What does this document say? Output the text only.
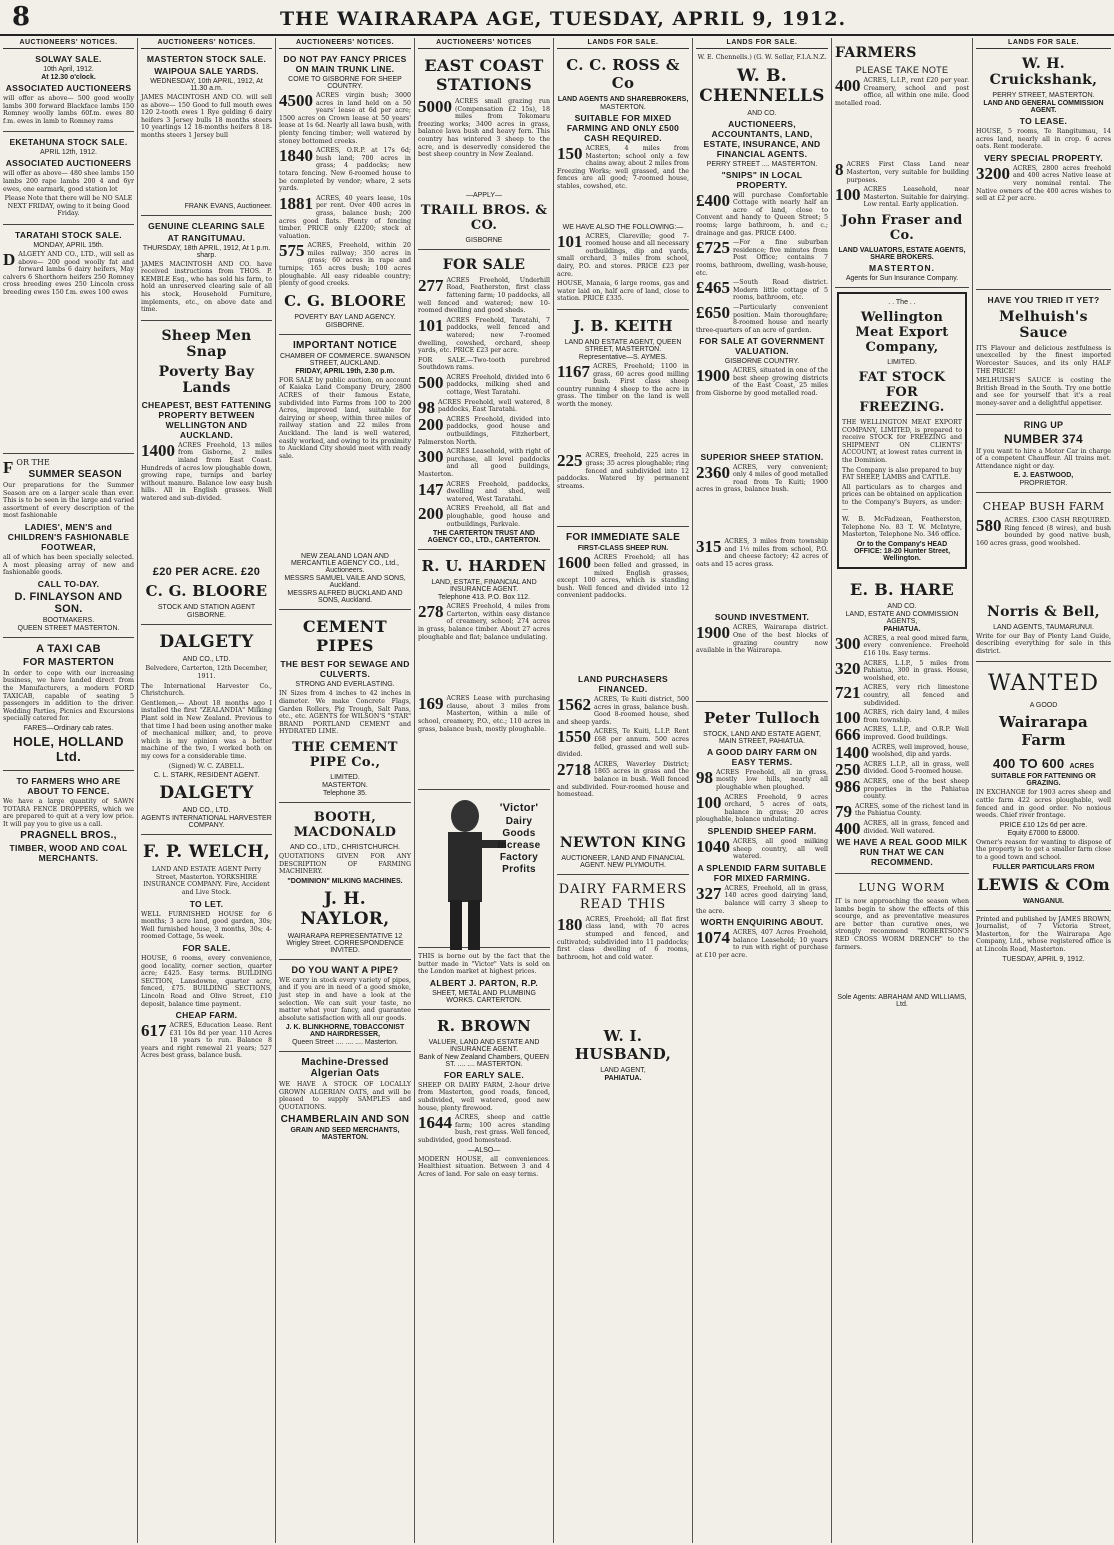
8	THE WAIRARAPA AGE, TUESDAY, APRIL 9, 1912.
AUCTIONEERS' NOTICES.
SOLWAY SALE.
10th April, 1912.
At 12.30 o'clock.
ASSOCIATED AUCTIONEERS
will offer as above— 500 good woolly lambs 300 forward Blackface lambs 150 Romney woolly lambs 60f.m. ewes 80 f.m. ewes in lamb to Romney rams
EKETAHUNA STOCK SALE.
APRIL 12th, 1912.
ASSOCIATED AUCTIONEERS
will offer as above— 480 shee lambs 150 lambs 200 rape lambs 200 4 and 6yr ewes, one earmark, good station lot
Please Note that there will be NO SALE NEXT FRIDAY, owing to it being Good Friday.
TARATAHI STOCK SALE.
MONDAY, APRIL 15th.
DALGETY AND CO., LTD., will sell as above— 200 good woolly fat and forward lambs 6 dairy heifers, May calvers 6 Shorthorn heifers 250 Romney cross breeding ewes 250 Lincoln cross breeding ewes 150 f.m. ewes 100 ewes
FOR THE
SUMMER SEASON
Our preparations for the Summer Season are on a larger scale than ever. This is to be seen in the large and varied assortment of every description of the most fashionable
LADIES', MEN'S and CHILDREN'S FASHIONABLE FOOTWEAR,
all of which has been specially selected. A most pleasing array of new and fashionable goods.
CALL TO-DAY.
D. FINLAYSON AND SON.
BOOTMAKERS.
QUEEN STREET MASTERTON.
A TAXI CAB
FOR MASTERTON
In order to cope with our increasing business, we have landed direct from the Manufacturers, a modern FORD TAXICAB, capable of seating 5 passengers in addition to the driver. Wedding Parties, Picnics and Excursions specially catered for.
FARES—Ordinary cab rates.
HOLE, HOLLAND Ltd.
TO FARMERS WHO ARE ABOUT TO FENCE.
We have a large quantity of SAWN TOTARA FENCE DROPPERS, which we are prepared to quit at a very low price. It will pay you to give us a call.
PRAGNELL BROS.,
TIMBER, WOOD AND COAL MERCHANTS.
AUCTIONEERS' NOTICES.
MASTERTON STOCK SALE.
WAIPOUA SALE YARDS.
WEDNESDAY, 10th APRIL, 1912, At 11.30 a.m.
JAMES MACINTOSH AND CO. will sell as above— 150 Good to full mouth ewes 120 2-tooth ewes 1 Rye gelding 6 dairy heifers 3 Jersey bulls 18 months steers 10 yearlings 12 18-months heifers 8 18-months steers 1 Jersey bull
FRANK EVANS, Auctioneer.
GENUINE CLEARING SALE
AT RANGITUMAU.
THURSDAY, 18th APRIL, 1912, At 1 p.m. sharp.
JAMES MACINTOSH AND CO. have received instructions from THOS. P. KEMBLE Esq., who has sold his farm, to hold an unreserved clearing sale of all his stock, Household Furniture, implements, etc., on above date and time.
Sheep Men Snap
Poverty Bay Lands
CHEAPEST, BEST FATTENING PROPERTY BETWEEN WELLINGTON AND AUCKLAND.
1400 ACRES Freehold, 13 miles from Gisborne, 2 miles inland from East Coast. Hundreds of acres low ploughable down, growing rape, turnips and barley without manure. Balance low easy bush hills. All in English grasses. Well watered and sub-divided.
£20 PER ACRE. £20
C. G. BLOORE
STOCK AND STATION AGENT
GISBORNE.
DALGETY
AND CO., LTD.
Belvedere, Carterton, 12th December, 1911.
The International Harvester Co., Christchurch.
Gentlemen,— About 18 months ago I installed the first "ZEALANDIA" Milking Plant sold in New Zealand. Previous to that time I had been using another make of mechanical milker, and, to prove which is my opinion was a better machine of the two, I worked both on my cows for a considerable time.
(Signed) W. C. ZABELL.
C. L. STARK, RESIDENT AGENT.
DALGETY
AND CO., LTD.
AGENTS INTERNATIONAL HARVESTER COMPANY.
F. P. WELCH,
LAND AND ESTATE AGENT Perry Street, Masterton. YORKSHIRE INSURANCE COMPANY. Fire, Accident and Live Stock.
TO LET.
WELL FURNISHED HOUSE for 6 months; 3 acre land, good garden, 30s; Well furnished house, 3 months, 30s; 4-roomed Cottage, 5s week.
FOR SALE.
HOUSE, 6 rooms, every convenience, good locality, corner section, quarter acre; £425. Easy terms. BUILDING SECTION, Lansdowne, quarter acre, fenced, £75. BUILDING SECTIONS, Lincoln Road and Olive Street, £10 deposit, balance time payment.
CHEAP FARM.
617 ACRES, Education Lease. Rent £31 10s 8d per year. 110 Acres 18 years to run. Balance 8 years and right renewal 21 years; 527 Acres best grass, balance bush.
AUCTIONEERS' NOTICES.
DO NOT PAY FANCY PRICES ON MAIN TRUNK LINE.
COME TO GISBORNE FOR SHEEP COUNTRY.
4500 ACRES virgin bush; 3000 acres in land held on a 50 years' lease at 6d per acre; 1500 acres on Crown lease at 50 years' lease at 1s 6d. Nearly all lawa bush, with plenty fencing timber; well watered by stoney bottomed creeks.
1840 ACRES, O.R.P. at 17s 6d; bush land; 700 acres in grass; 4 paddocks; new totara fencing. New 6-roomed house to be completed by vendor; whare, 2 sets yards.
1881 ACRES, 40 years lease, 10s per rent. Over 400 acres in grass, balance bush; 200 acres good flats. Plenty of fencing timber. PRICE only £2200; stock at valuation.
575 ACRES, Freehold, within 20 miles railway; 350 acres in grass; 60 acres in rape and turnips; 165 acres bush; 100 acres ploughable. All easy rideable country; plenty of good creeks.
C. G. BLOORE
POVERTY BAY LAND AGENCY.
GISBORNE.
IMPORTANT NOTICE
CHAMBER OF COMMERCE. SWANSON STREET, AUCKLAND.
FRIDAY, APRIL 19th, 2.30 p.m.
FOR SALE by public auction, on account of Kaiaka Land Company Drury, 2800 ACRES of their famous Estate, subdivided into Farms from 100 to 200 Acres, improved land, suitable for dairying or sheep, within three miles of railway station and 22 miles from Auckland. The land is well watered, easily worked, and owing to its proximity to Auckland City should meet with ready sale.
NEW ZEALAND LOAN AND MERCANTILE AGENCY CO., Ltd., Auctioneers.
MESSRS SAMUEL VAILE AND SONS, Auckland.
MESSRS ALFRED BUCKLAND AND SONS, Auckland.
CEMENT PIPES
THE BEST FOR SEWAGE AND CULVERTS.
STRONG AND EVERLASTING.
IN Sizes from 4 inches to 42 inches in diameter. We make Concrete Flags, Garden Rollers, Pig Trough, Salt Pans, etc., etc. AGENTS for WILSON'S "STAR" BRAND PORTLAND CEMENT and HYDRATED LIME.
THE CEMENT PIPE Co.,
LIMITED.
MASTERTON.
Telephone 35.
BOOTH, MACDONALD
AND CO., LTD., CHRISTCHURCH.
QUOTATIONS GIVEN FOR ANY DESCRIPTION OF FARMING MACHINERY.
"DOMINION" MILKING MACHINES.
J. H. NAYLOR,
WAIRARAPA REPRESENTATIVE 12 Wrigley Street. CORRESPONDENCE INVITED.
DO YOU WANT A PIPE?
WE carry in stock every variety of pipes, and if you are in need of a good smoke, just step in and have a look at the selection. We can suit your taste, no matter what your fancy, and guarantee absolute satisfaction with all our goods.
J. K. BLINKHORNE, TOBACCONIST AND HAIRDRESSER,
Queen Street .... .... .... Masterton.
Machine-Dressed Algerian Oats
WE HAVE A STOCK OF LOCALLY GROWN ALGERIAN OATS, and will be pleased to supply SAMPLES and QUOTATIONS.
CHAMBERLAIN AND SON
GRAIN AND SEED MERCHANTS, MASTERTON.
AUCTIONEERS' NOTICES
EAST COAST STATIONS
5000 ACRES small grazing run (Compensation £2 15s), 18 miles from Tokomaru freezing works; 3400 acres in grass, balance lawa bush and heavy fern. This country has wintered 3 sheep to the acre, and is deservedly considered the best sheep country in New Zealand.
—APPLY—
TRAILL BROS. & CO.
GISBORNE
FOR SALE
277 ACRES Freehold, Underhill Road, Featherston, first class fattening farm; 10 paddocks, all well fenced and watered; new 10-roomed dwelling and good sheds.
101 ACRES Freehold, Taratahi, 7 paddocks, well fenced and watered; new 7-roomed dwelling, cowshed, orchard, sheep yards, etc. PRICE £23 per acre.
FOR SALE.—Two-tooth purebred Southdown rams.
500 ACRES Freehold, divided into 6 paddocks, milking shed and cottage, West Taratahi.
98 ACRES Freehold, well watered, 8 paddocks, East Taratahi.
200 ACRES Freehold, divided into paddocks, good house and outbuildings, Fitzherbert, Palmerston North.
300 ACRES Leasehold, with right of purchase, all level paddocks and all good buildings, Masterton.
147 ACRES Freehold, paddocks, dwelling and shed, well watered, West Taratahi.
200 ACRES Freehold, all flat and ploughable, good house and outbuildings, Parkvale.
THE CARTERTON TRUST AND AGENCY CO., LTD., CARTERTON.
R. U. HARDEN
LAND, ESTATE, FINANCIAL AND INSURANCE AGENT.
Telephone 413. P.O. Box 112.
278 ACRES Freehold, 4 miles from Carterton, within easy distance of creamery, school; 274 acres in grass, balance timber. About 27 acres ploughable and flat; balance undulating.
169 ACRES Lease with purchasing clause, about 3 miles from Masterton, within a mile of school, creamery, P.O., etc.; 110 acres in grass, balance bush, mostly ploughable.
'Victor'
Dairy Goods Increase Factory Profits
THIS is borne out by the fact that the butter made in "Victor" Vats is sold on the London market at highest prices.
ALBERT J. PARTON, R.P.
SHEET, METAL AND PLUMBING WORKS. CARTERTON.
R. BROWN
VALUER, LAND AND ESTATE AND INSURANCE AGENT.
Bank of New Zealand Chambers, QUEEN ST. .... .... MASTERTON.
FOR EARLY SALE.
SHEEP OR DAIRY FARM, 2-hour drive from Masterton, good roads, fenced, subdivided, well watered, good new house, plenty firewood.
1644 ACRES, sheep and cattle farm; 100 acres standing bush, rest grass. Well fenced, subdivided, good homestead.
—ALSO—
MODERN HOUSE, all conveniences. Healthiest situation. Between 3 and 4 Acres of land. For sale on easy terms.
LANDS FOR SALE.
C. C. ROSS & Co
LAND AGENTS AND SHAREBROKERS,
MASTERTON.
SUITABLE FOR MIXED FARMING AND ONLY £500 CASH REQUIRED.
150 ACRES, 4 miles from Masterton; school only a few chains away, about 2 miles from Freezing Works; well grassed, and the fences are all good; 7-roomed house, stables, cowshed, etc.
WE HAVE ALSO THE FOLLOWING:—
101 ACRES, Clareville; good 7-roomed house and all necessary outbuildings, dip and yards, small orchard, 3 miles from school, dairy, P.O. and stores. PRICE £23 per acre.
HOUSE, Manaia, 6 large rooms, gas and water laid on, half acre of land, close to station. PRICE £335.
J. B. KEITH
LAND AND ESTATE AGENT, QUEEN STREET, MASTERTON.
Representative—S. AYMES.
1167 ACRES, Freehold; 1100 in grass, 60 acres good milling bush. First class sheep country running 4 sheep to the acre in grass. The timber on the land is well worth the money.
225 ACRES, freehold, 225 acres in grass; 35 acres ploughable; ring fenced and subdivided into 12 paddocks. Watered by permanent streams.
FOR IMMEDIATE SALE
FIRST-CLASS SHEEP RUN.
1600 ACRES Freehold; all has been felled and grassed, in mixed English grasses, except 100 acres, which is standing bush. Well fenced and divided into 12 convenient paddocks.
LAND PURCHASERS FINANCED.
1562 ACRES, Te Kuiti district, 500 acres in grass, balance bush. Good 8-roomed house, shed and sheep yards.
1550 ACRES, Te Kuiti, L.I.P. Rent £68 per annum. 500 acres felled, grassed and well sub-divided.
2718 ACRES, Waverley District; 1865 acres in grass and the balance in bush. Well fenced and subdivided. Four-roomed house and homestead.
NEWTON KING
AUCTIONEER, LAND AND FINANCIAL AGENT. NEW PLYMOUTH.
DAIRY FARMERS READ THIS
180 ACRES, Freehold; all flat first class land, with 70 acres stumped and fenced, and cultivated; subdivided into 11 paddocks; first class dwelling of 6 rooms, bathroom, hot and cold water.
W. I. HUSBAND,
LAND AGENT,
PAHIATUA.
LANDS FOR SALE.
W. E. Chennells.) (G. W. Sellar, F.I.A.N.Z.
W. B. CHENNELLS
AND CO.
AUCTIONEERS, ACCOUNTANTS, LAND, ESTATE, INSURANCE, AND FINANCIAL AGENTS.
PERRY STREET .... MASTERTON.
"SNIPS" IN LOCAL PROPERTY.
£400 will purchase Comfortable Cottage with nearly half an acre of land, close to Convent and handy to Queen Street; 5 rooms; large bathroom, h. and c.; drainage and gas. PRICE £400.
£725 —For a fine suburban residence; five minutes from Post Office; contains 7 rooms, bathroom, dwelling, wash-house, etc.
£465 —South Road district. Modern little cottage of 5 rooms, bathroom, etc.
£650 —Particularly convenient position. Main thoroughfare; 8-roomed house and nearly three-quarters of an acre of garden.
FOR SALE AT GOVERNMENT VALUATION.
GISBORNE COUNTRY.
1900 ACRES, situated in one of the best sheep growing districts of the East Coast, 25 miles from Gisborne by good metalled road.
SUPERIOR SHEEP STATION.
2360 ACRES, very convenient; only 4 miles of good metalled road from Te Kuiti; 1900 acres in grass, balance bush.
315 ACRES, 3 miles from township and 1½ miles from school, P.O. and cheese factory; 42 acres of oats and 15 acres grass.
SOUND INVESTMENT.
1900 ACRES, Wairarapa district. One of the best blocks of grazing country now available in the Wairarapa.
Peter Tulloch
STOCK, LAND AND ESTATE AGENT, MAIN STREET, PAHIATUA.
A GOOD DAIRY FARM ON EASY TERMS.
98 ACRES Freehold, all in grass, mostly low hills, nearly all ploughable when ploughed.
100 ACRES Freehold, 9 acres orchard, 5 acres of oats, balance in grass; 20 acres ploughable, balance undulating.
SPLENDID SHEEP FARM.
1040 ACRES, all good milking sheep country, all well watered.
A SPLENDID FARM SUITABLE FOR MIXED FARMING.
327 ACRES, Freehold, all in grass, 140 acres good dairying land, balance will carry 3 sheep to the acre.
WORTH ENQUIRING ABOUT.
1074 ACRES, 407 Acres Freehold, balance Leasehold; 10 years to run with right of purchase at £10 per acre.
FARMERS
PLEASE TAKE NOTE
400 ACRES, L.I.P., rent £20 per year. Creamery, school and post office, all within one mile. Good metalled road.
8 ACRES First Class Land near Masterton, very suitable for building purposes.
100 ACRES Leasehold, near Masterton. Suitable for dairying. Low rental. Early application.
John Fraser and Co.
LAND VALUATORS, ESTATE AGENTS, SHARE BROKERS.
MASTERTON.
Agents for Sun Insurance Company.
. . The . .
Wellington Meat Export Company,
LIMITED.
FAT STOCK FOR FREEZING.
THE WELLINGTON MEAT EXPORT COMPANY, LIMITED, is prepared to receive STOCK for FREEZING and SHIPMENT ON CLIENTS' ACCOUNT, at lowest rates current in the Dominion.
The Company is also prepared to buy FAT SHEEP, LAMBS and CATTLE.
All particulars as to charges and prices can be obtained on application to the Company's Buyers, as under:—
W. B. McFadzean, Featherston, Telephone No. 83 T. W. McIntyre, Masterton, Telephone No. 346 office.
Or to the Company's HEAD OFFICE: 18-20 Hunter Street, Wellington.
E. B. HARE
AND CO.
LAND, ESTATE AND COMMISSION AGENTS,
PAHIATUA.
300 ACRES, a real good mixed farm, every convenience. Freehold £16 10s. Easy terms.
320 ACRES, L.I.P., 5 miles from Pahiatua, 300 in grass. House, woolshed, etc.
721 ACRES, very rich limestone country, all fenced and subdivided.
100 ACRES, rich dairy land, 4 miles from township.
666 ACRES, L.I.P., and O.R.P. Well improved. Good buildings.
1400 ACRES, well improved, house, woolshed, dip and yards.
250 ACRES L.I.P., all in grass, well divided. Good 5-roomed house.
986 ACRES, one of the best sheep properties in the Pahiatua county.
79 ACRES, some of the richest land in the Pahiatua County.
400 ACRES, all in grass, fenced and divided. Well watered.
WE HAVE A REAL GOOD MILK RUN THAT WE CAN RECOMMEND.
LUNG WORM
IT is now approaching the season when lambs begin to show the effects of this scourge, and as preventative measures are better than curative ones, we strongly recommend "ROBERTSON'S RED CROSS WORM DRENCH" to the farmers.
Sole Agents: ABRAHAM AND WILLIAMS, Ltd.
LANDS FOR SALE.
W. H. Cruickshank,
PERRY STREET, MASTERTON.
LAND AND GENERAL COMMISSION AGENT.
TO LEASE.
HOUSE, 5 rooms, Te Rangitumau, 14 acres land, nearly all in crop. 6 acres oats. Rent moderate.
VERY SPECIAL PROPERTY.
3200 ACRES, 2800 acres freehold and 400 acres Native lease at very nominal rental. The Native owners of the 400 acres wishes to sell at £2 per acre.
HAVE YOU TRIED IT YET?
Melhuish's Sauce
ITS Flavour and delicious zestfulness is unexcelled by the finest imported Worcester Sauces, and its only HALF THE PRICE!
MELHUISH'S SAUCE is costing the British Bread in the South. Try one bottle and see for yourself that it's a real money-saver and a delightful appetiser.
RING UP
NUMBER 374
If you want to hire a Motor Car in charge of a competent Chauffeur. All trains met. Attendance night or day.
E. J. EASTWOOD,
PROPRIETOR.
CHEAP BUSH FARM
580 ACRES. £300 CASH REQUIRED. Ring fenced (8 wires), and bush bounded by good native bush, 160 acres grass, good woolshed.
Norris & Bell,
LAND AGENTS, TAUMARUNUI.
Write for our Bay of Plenty Land Guide, describing everything for sale in this district.
WANTED
A GOOD
Wairarapa Farm
400 TO 600 ACRES
SUITABLE FOR FATTENING OR GRAZING.
IN EXCHANGE for 1903 acres sheep and cattle farm 422 acres ploughable, well fenced and in good order. No noxious weeds. Chief river frontage.
PRICE £10 12s 6d per acre.
Equity £7000 to £8000.
Owner's reason for wanting to dispose of the property is to get a smaller farm close to a good town and school.
FULLER PARTICULARS FROM
LEWIS & COm
WANGANUI.
Printed and published by JAMES BROWN, Journalist, of 7 Victoria Street, Masterton, for the Wairarapa Age Company, Ltd., whose registered office is at Lincoln Road, Masterton.
TUESDAY, APRIL 9, 1912.
